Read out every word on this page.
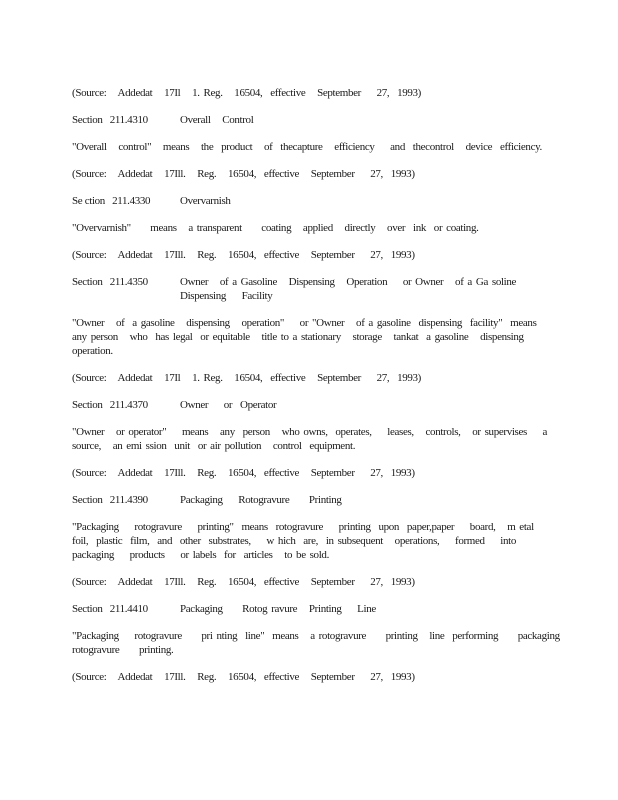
(Source:   Addedat   17Il   1. Reg.   16504,  effective   September    27,  1993)
Section   211.4310	Overall   Control
"Overall   control"   means   the  product   of  thecapture   efficiency    and  thecontrol   device  efficiency.
(Source:   Addedat   17Ill.   Reg.   16504,  effective   September    27,  1993)
Se ction   211.4330	Overvarnish
"Overvarnish"     means   a transparent     coating   applied   directly   over  ink  or coating.
(Source:   Addedat   17Ill.   Reg.   16504,  effective   September    27,  1993)
Section   211.4350	Owner   of a Gasoline   Dispensing   Operation    or Owner   of a Ga soline
Dispensing    Facility
"Owner   of  a gasoline   dispensing   operation"    or "Owner   of a gasoline  dispensing  facility"  means
any person   who  has legal  or equitable   title to a stationary   storage   tankat  a gasoline   dispensing
operation.
(Source:   Addedat   17Il   1. Reg.   16504,  effective   September    27,  1993)
Section   211.4370	Owner    or  Operator
"Owner   or operator"    means   any  person   who owns,  operates,    leases,   controls,   or supervises    a
source,   an emi ssion  unit  or air pollution   control  equipment.
(Source:   Addedat   17Ill.   Reg.   16504,  effective   September    27,  1993)
Section   211.4390	Packaging    Rotogravure     Printing
"Packaging    rotogravure    printing"  means  rotogravure    printing  upon  paper,paper    board,   m etal
foil,  plastic  film,  and  other  substrates,    w hich  are,  in subsequent   operations,    formed    into
packaging    products    or labels  for  articles   to be sold.
(Source:   Addedat   17Ill.   Reg.   16504,  effective   September    27,  1993)
Section   211.4410	Packaging     Rotog ravure   Printing    Line
"Packaging    rotogravure     pri nting  line"  means   a rotogravure     printing   line  performing     packaging
rotogravure     printing.
(Source:   Addedat   17Ill.   Reg.   16504,  effective   September    27,  1993)
